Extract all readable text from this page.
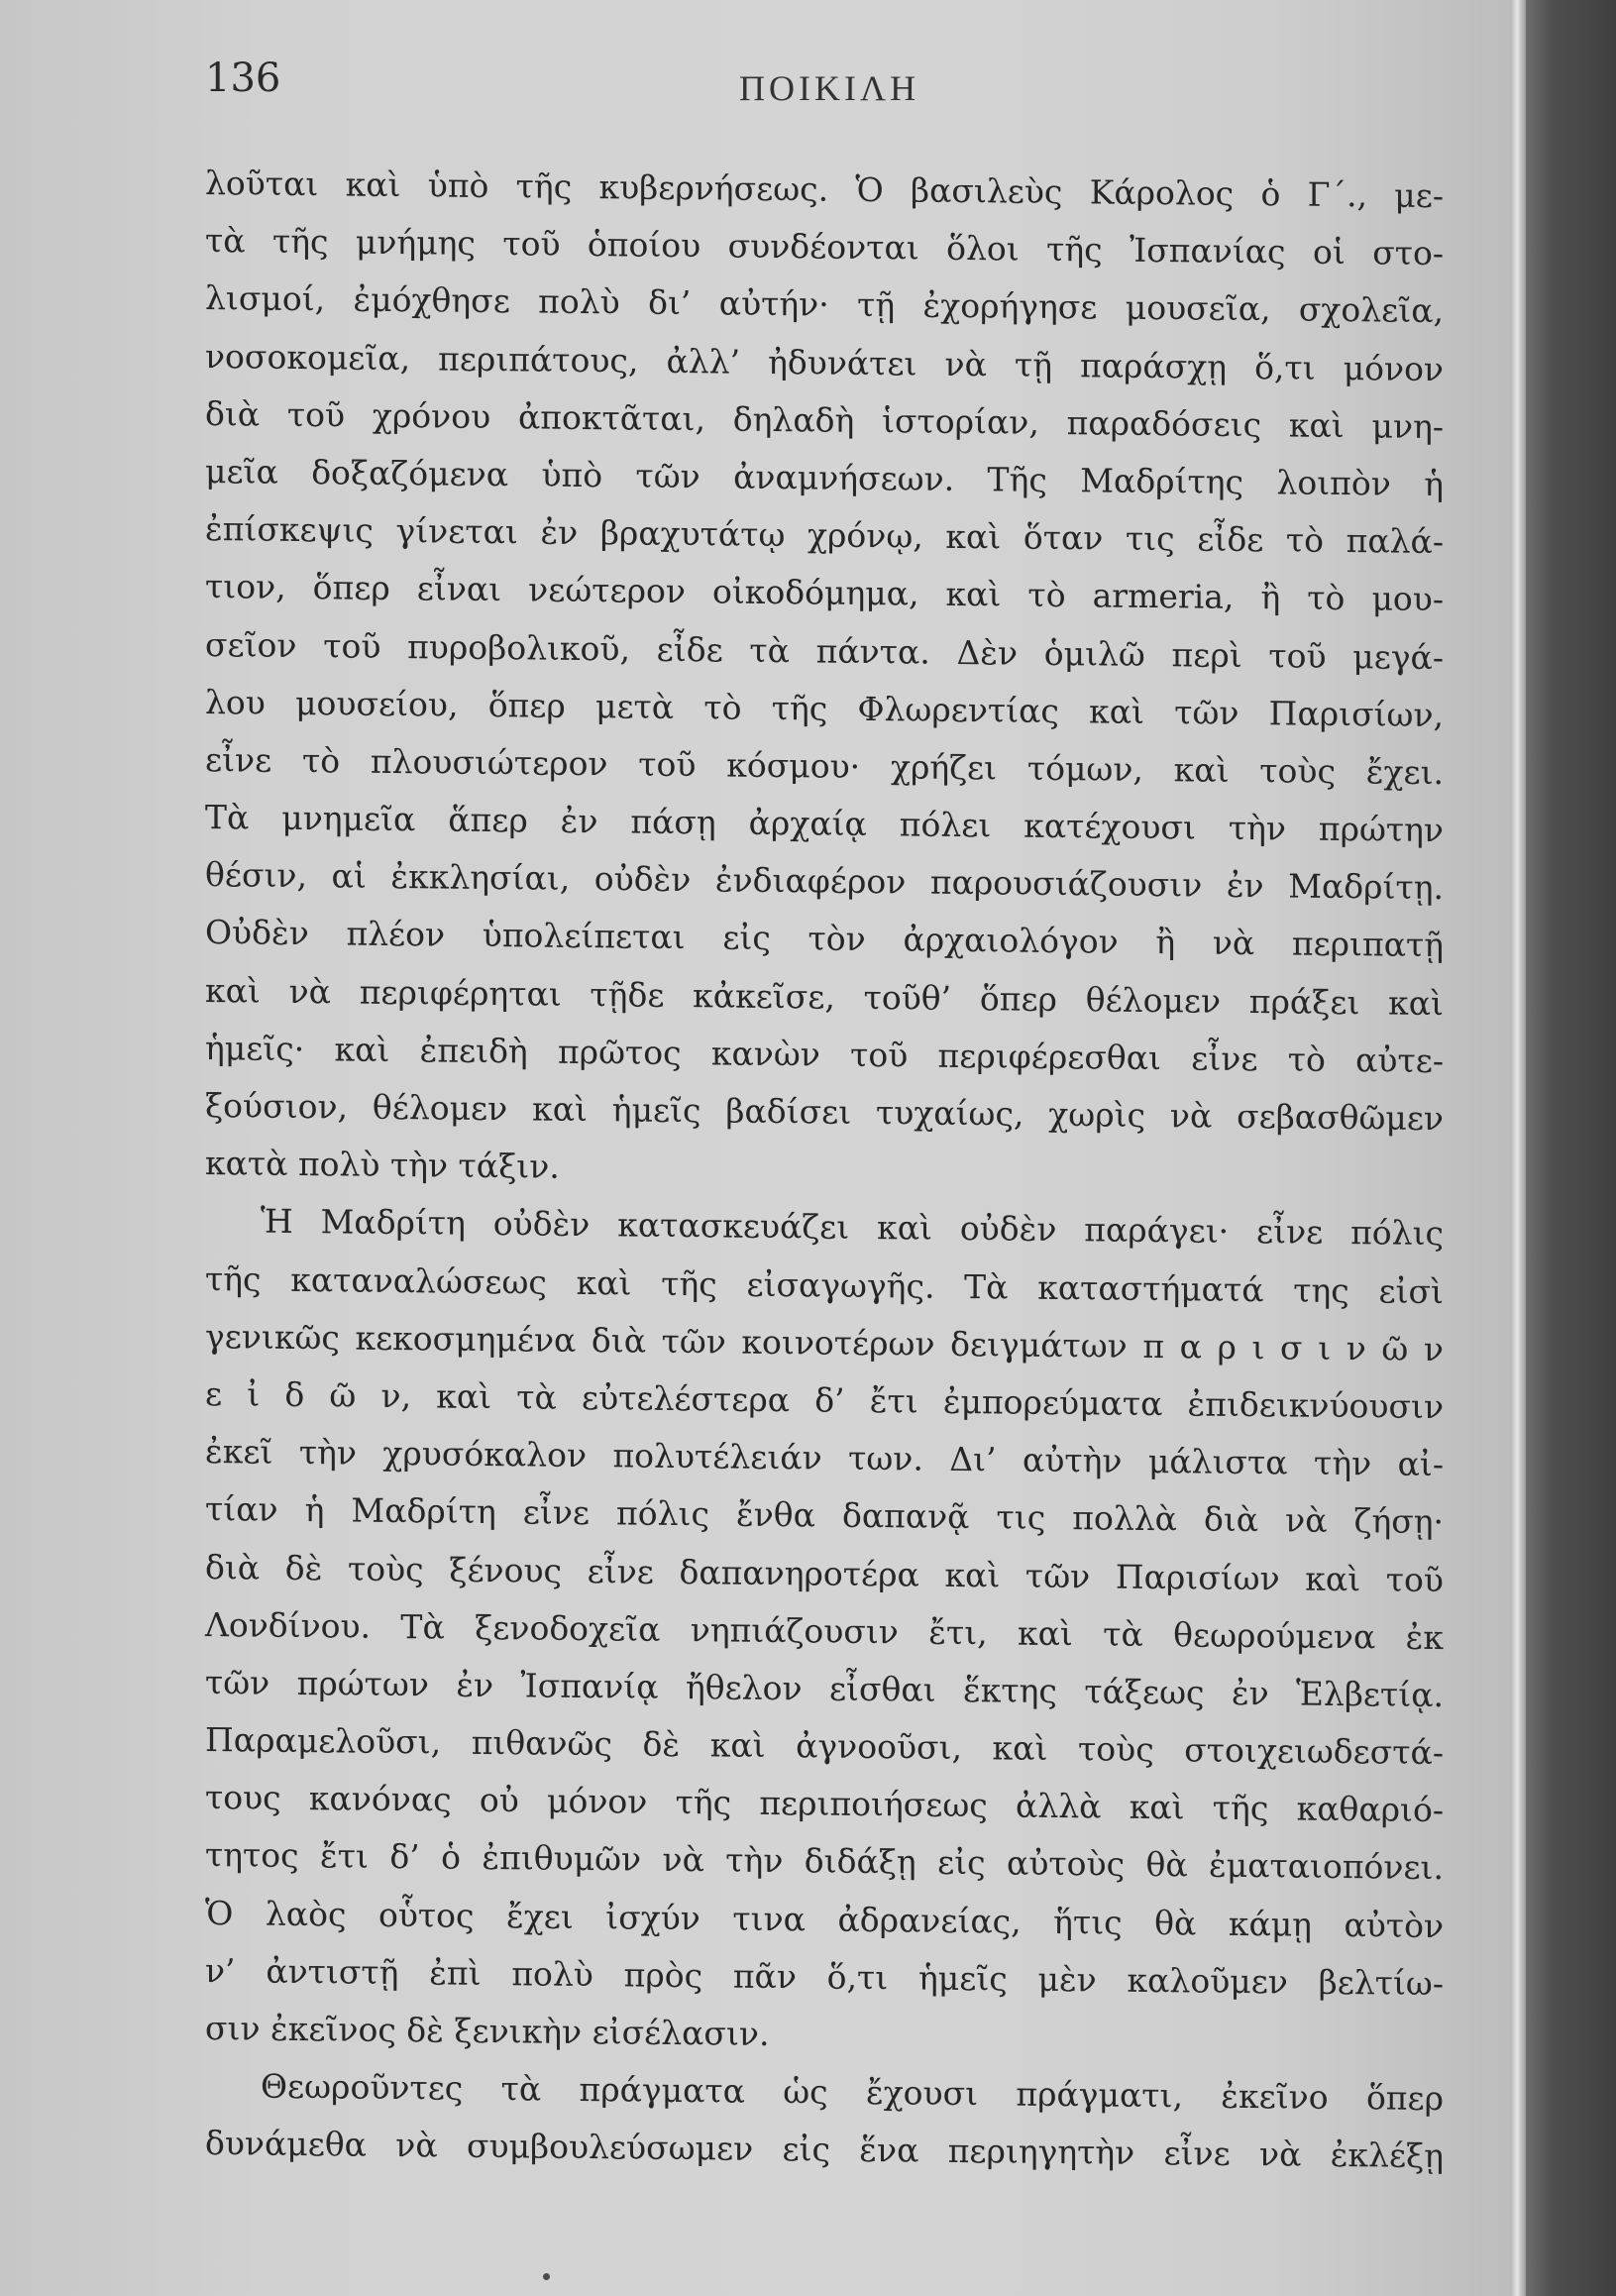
136	ΠΟΙΚΙΛΗ
λοῦται καὶ ὑπὸ τῆς κυβερνήσεως. Ὁ βασιλεὺς Κάρολος ὁ Γ΄., με-
τὰ τῆς μνήμης τοῦ ὁποίου συνδέονται ὅλοι τῆς Ἰσπανίας οἱ στο-
λισμοί, ἐμόχθησε πολὺ δι’ αὐτήν· τῇ ἐχορήγησε μουσεῖα, σχολεῖα,
νοσοκομεῖα, περιπάτους, ἀλλ’ ἠδυνάτει νὰ τῇ παράσχῃ ὅ,τι μόνον
διὰ τοῦ χρόνου ἀποκτᾶται, δηλαδὴ ἱστορίαν, παραδόσεις καὶ μνη-
μεῖα δοξαζόμενα ὑπὸ τῶν ἀναμνήσεων. Τῆς Μαδρίτης λοιπὸν ἡ
ἐπίσκεψις γίνεται ἐν βραχυτάτῳ χρόνῳ, καὶ ὅταν τις εἶδε τὸ παλά-
τιον, ὅπερ εἶναι νεώτερον οἰκοδόμημα, καὶ τὸ armeria, ἢ τὸ μου-
σεῖον τοῦ πυροβολικοῦ, εἶδε τὰ πάντα. Δὲν ὁμιλῶ περὶ τοῦ μεγά-
λου μουσείου, ὅπερ μετὰ τὸ τῆς Φλωρεντίας καὶ τῶν Παρισίων,
εἶνε τὸ πλουσιώτερον τοῦ κόσμου· χρήζει τόμων, καὶ τοὺς ἔχει.
Τὰ μνημεῖα ἅπερ ἐν πάσῃ ἀρχαίᾳ πόλει κατέχουσι τὴν πρώτην
θέσιν, αἱ ἐκκλησίαι, οὐδὲν ἐνδιαφέρον παρουσιάζουσιν ἐν Μαδρίτῃ.
Οὐδὲν πλέον ὑπολείπεται εἰς τὸν ἀρχαιολόγον ἢ νὰ περιπατῇ
καὶ νὰ περιφέρηται τῇδε κἀκεῖσε, τοῦθ’ ὅπερ θέλομεν πράξει καὶ
ἡμεῖς· καὶ ἐπειδὴ πρῶτος κανὼν τοῦ περιφέρεσθαι εἶνε τὸ αὐτε-
ξούσιον, θέλομεν καὶ ἡμεῖς βαδίσει τυχαίως, χωρὶς νὰ σεβασθῶμεν
κατὰ πολὺ τὴν τάξιν.
Ἡ Μαδρίτη οὐδὲν κατασκευάζει καὶ οὐδὲν παράγει· εἶνε πόλις
τῆς καταναλώσεως καὶ τῆς εἰσαγωγῆς. Τὰ καταστήματά της εἰσὶ
γενικῶς κεκοσμημένα διὰ τῶν κοινοτέρων δειγμάτων π α ρ ι σ ι ν ῶ ν
ε ἰ δ ῶ ν, καὶ τὰ εὐτελέστερα δ’ ἔτι ἐμπορεύματα ἐπιδεικνύουσιν
ἐκεῖ τὴν χρυσόκαλον πολυτέλειάν των. Δι’ αὐτὴν μάλιστα τὴν αἰ-
τίαν ἡ Μαδρίτη εἶνε πόλις ἔνθα δαπανᾷ τις πολλὰ διὰ νὰ ζήσῃ·
διὰ δὲ τοὺς ξένους εἶνε δαπανηροτέρα καὶ τῶν Παρισίων καὶ τοῦ
Λονδίνου. Τὰ ξενοδοχεῖα νηπιάζουσιν ἔτι, καὶ τὰ θεωρούμενα ἐκ
τῶν πρώτων ἐν Ἰσπανίᾳ ἤθελον εἶσθαι ἕκτης τάξεως ἐν Ἑλβετίᾳ.
Παραμελοῦσι, πιθανῶς δὲ καὶ ἀγνοοῦσι, καὶ τοὺς στοιχειωδεστά-
τους κανόνας οὐ μόνον τῆς περιποιήσεως ἀλλὰ καὶ τῆς καθαριό-
τητος ἔτι δ’ ὁ ἐπιθυμῶν νὰ τὴν διδάξῃ εἰς αὐτοὺς θὰ ἐματαιοπόνει.
Ὁ λαὸς οὗτος ἔχει ἰσχύν τινα ἀδρανείας, ἥτις θὰ κάμῃ αὐτὸν
ν’ ἀντιστῇ ἐπὶ πολὺ πρὸς πᾶν ὅ,τι ἡμεῖς μὲν καλοῦμεν βελτίω-
σιν ἐκεῖνος δὲ ξενικὴν εἰσέλασιν.
Θεωροῦντες τὰ πράγματα ὡς ἔχουσι πράγματι, ἐκεῖνο ὅπερ
δυνάμεθα νὰ συμβουλεύσωμεν εἰς ἕνα περιηγητὴν εἶνε νὰ ἐκλέξῃ
